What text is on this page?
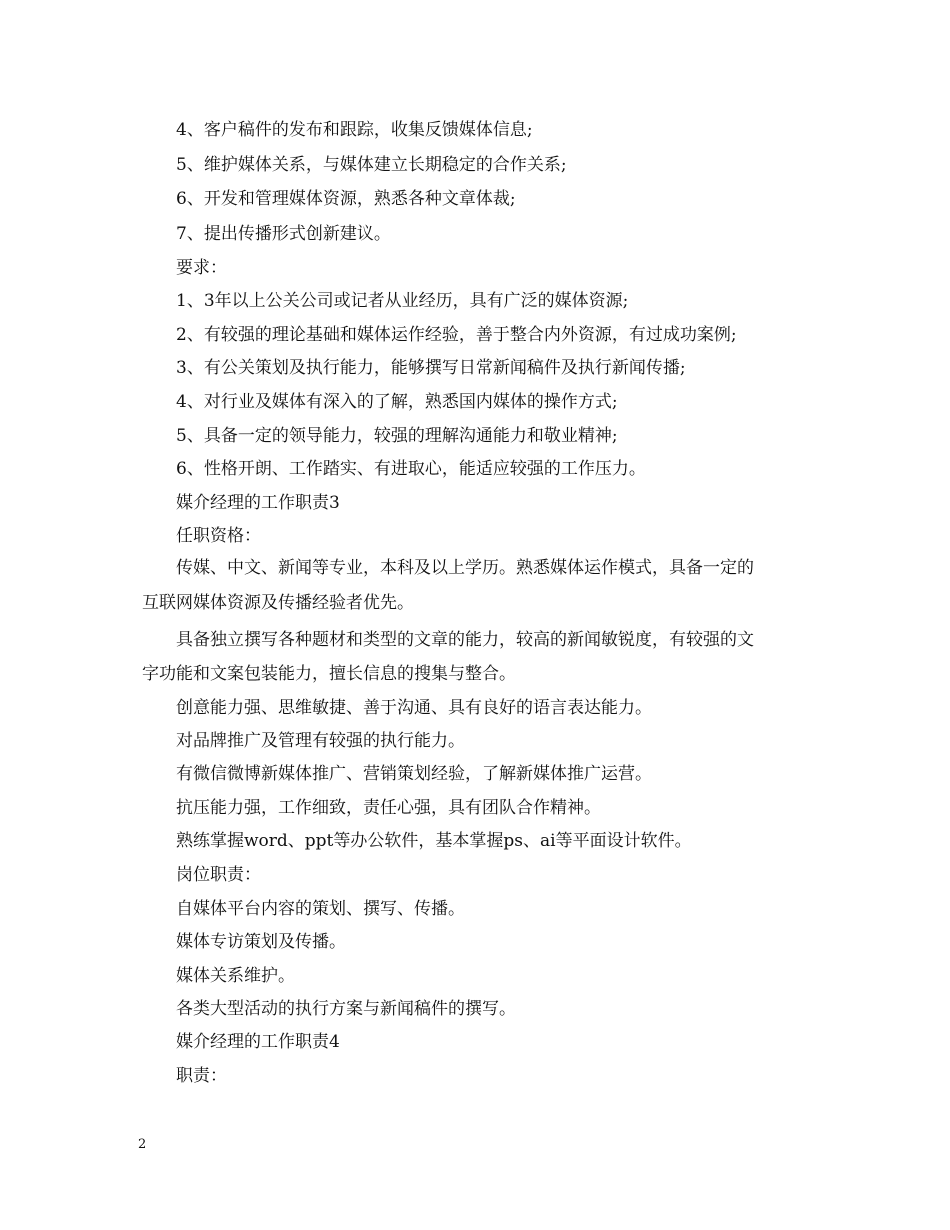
4、客户稿件的发布和跟踪，收集反馈媒体信息;
5、维护媒体关系，与媒体建立长期稳定的合作关系;
6、开发和管理媒体资源，熟悉各种文章体裁;
7、提出传播形式创新建议。
要求：
1、3年以上公关公司或记者从业经历，具有广泛的媒体资源;
2、有较强的理论基础和媒体运作经验，善于整合内外资源，有过成功案例;
3、有公关策划及执行能力，能够撰写日常新闻稿件及执行新闻传播;
4、对行业及媒体有深入的了解，熟悉国内媒体的操作方式;
5、具备一定的领导能力，较强的理解沟通能力和敬业精神;
6、性格开朗、工作踏实、有进取心，能适应较强的工作压力。
媒介经理的工作职责3
任职资格：
传媒、中文、新闻等专业，本科及以上学历。熟悉媒体运作模式，具备一定的
互联网媒体资源及传播经验者优先。
具备独立撰写各种题材和类型的文章的能力，较高的新闻敏锐度，有较强的文
字功能和文案包装能力，擅长信息的搜集与整合。
创意能力强、思维敏捷、善于沟通、具有良好的语言表达能力。
对品牌推广及管理有较强的执行能力。
有微信微博新媒体推广、营销策划经验，了解新媒体推广运营。
抗压能力强，工作细致，责任心强，具有团队合作精神。
熟练掌握word、ppt等办公软件，基本掌握ps、ai等平面设计软件。
岗位职责：
自媒体平台内容的策划、撰写、传播。
媒体专访策划及传播。
媒体关系维护。
各类大型活动的执行方案与新闻稿件的撰写。
媒介经理的工作职责4
职责：
2
